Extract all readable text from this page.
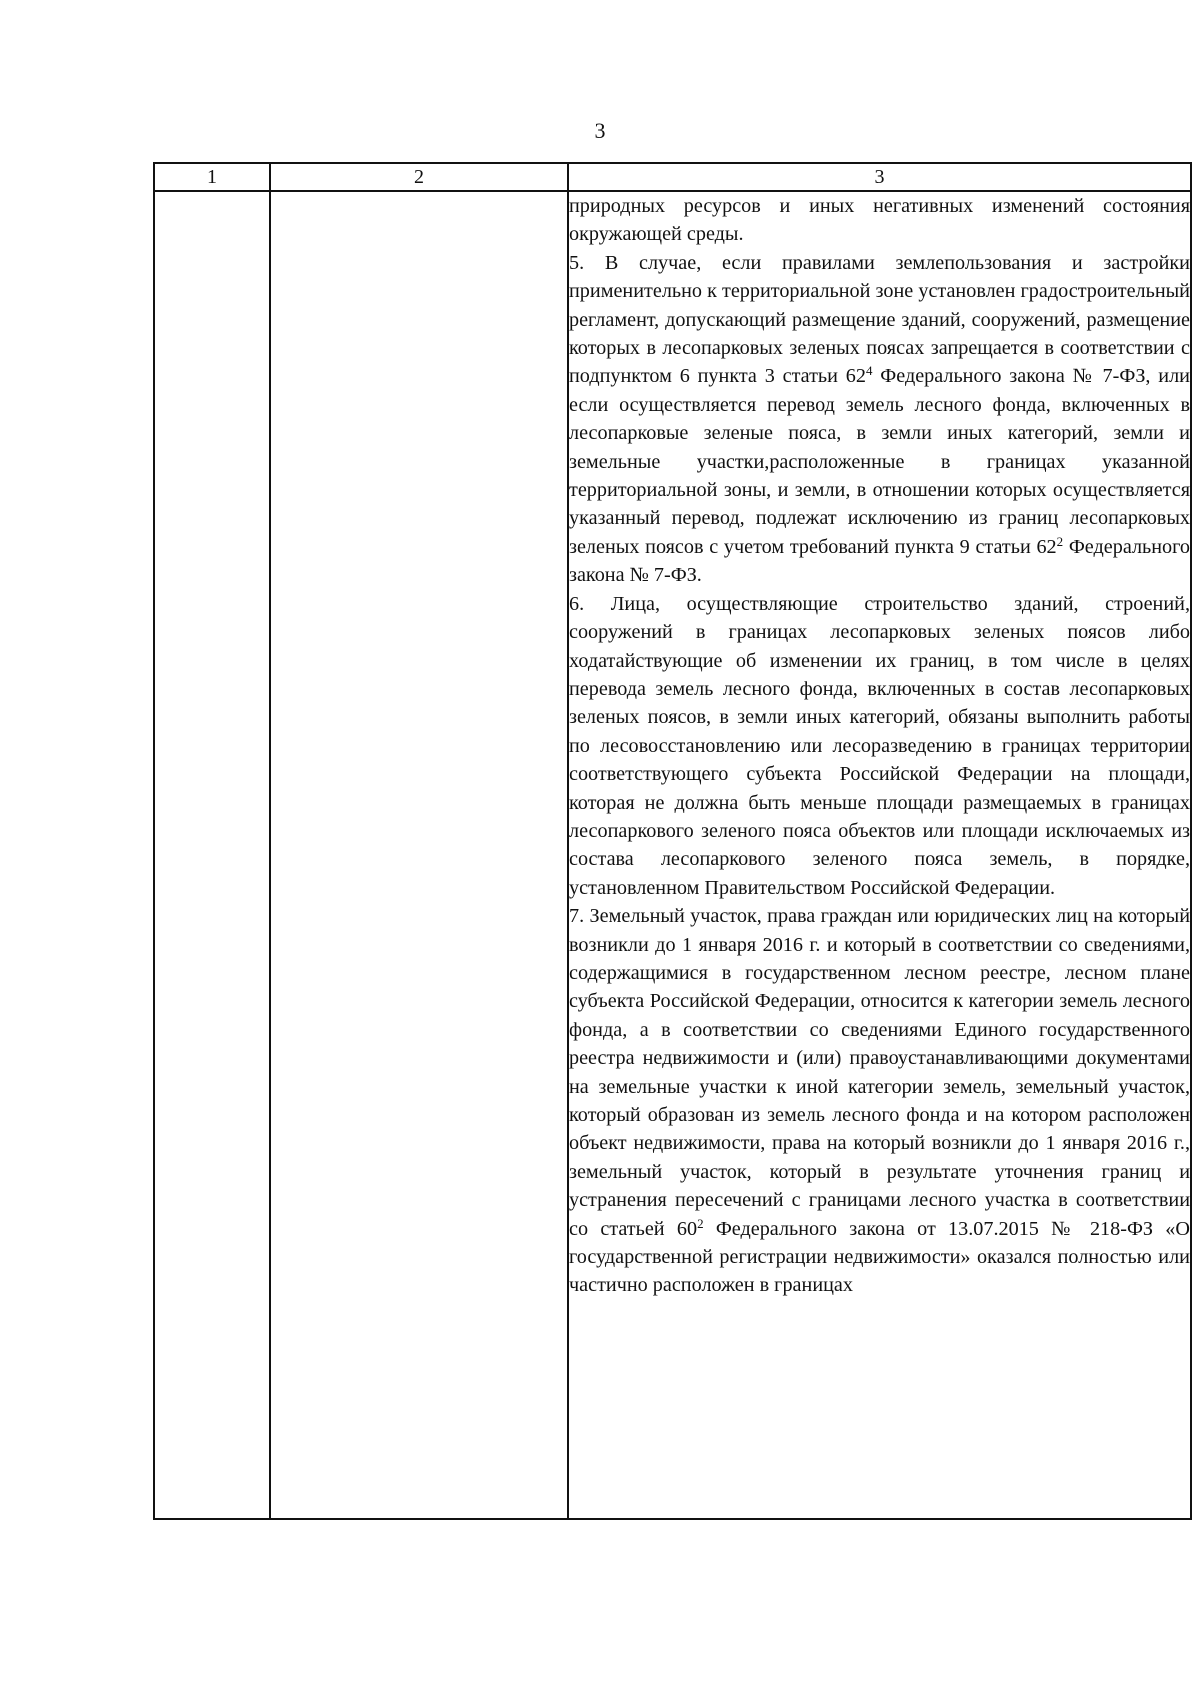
3
1	2	3

		природных ресурсов и иных негативных изменений состояния окружающей среды.

5. В случае, если правилами землепользования и застройки применительно к территориальной зоне установлен градостроительный регламент, допускающий размещение зданий, сооружений, размещение которых в лесопарковых зеленых поясах запрещается в соответствии с подпунктом 6 пункта 3 статьи $62^4$ Федерального закона № 7-ФЗ, или если осуществляется перевод земель лесного фонда, включенных в лесопарковые зеленые пояса, в земли иных категорий, земли и земельные участки,расположенные в границах указанной территориальной зоны, и земли, в отношении которых осуществляется указанный перевод, подлежат исключению из границ лесопарковых зеленых поясов с учетом требований пункта 9 статьи $62^2$ Федерального закона № 7-ФЗ.

6. Лица, осуществляющие строительство зданий, строений, сооружений в границах лесопарковых зеленых поясов либо ходатайствующие об изменении их границ, в том числе в целях перевода земель лесного фонда, включенных в состав лесопарковых зеленых поясов, в земли иных категорий, обязаны выполнить работы по лесовосстановлению или лесоразведению в границах территории соответствующего субъекта Российской Федерации на площади, которая не должна быть меньше площади размещаемых в границах лесопаркового зеленого пояса объектов или площади исключаемых из состава лесопаркового зеленого пояса земель, в порядке, установленном Правительством Российской Федерации.

7. Земельный участок, права граждан или юридических лиц на который возникли до 1 января 2016 г. и который в соответствии со сведениями, содержащимися в государственном лесном реестре, лесном плане субъекта Российской Федерации, относится к категории земель лесного фонда, а в соответствии со сведениями Единого государственного реестра недвижимости и (или) правоустанавливающими документами на земельные участки к иной категории земель, земельный участок, который образован из земель лесного фонда и на котором расположен объект недвижимости, права на который возникли до 1 января 2016 г., земельный участок, который в результате уточнения границ и устранения пересечений с границами лесного участка в соответствии со статьей $60^2$ Федерального закона от 13.07.2015 № 218-ФЗ «О государственной регистрации недвижимости» оказался полностью или частично расположен в границах
